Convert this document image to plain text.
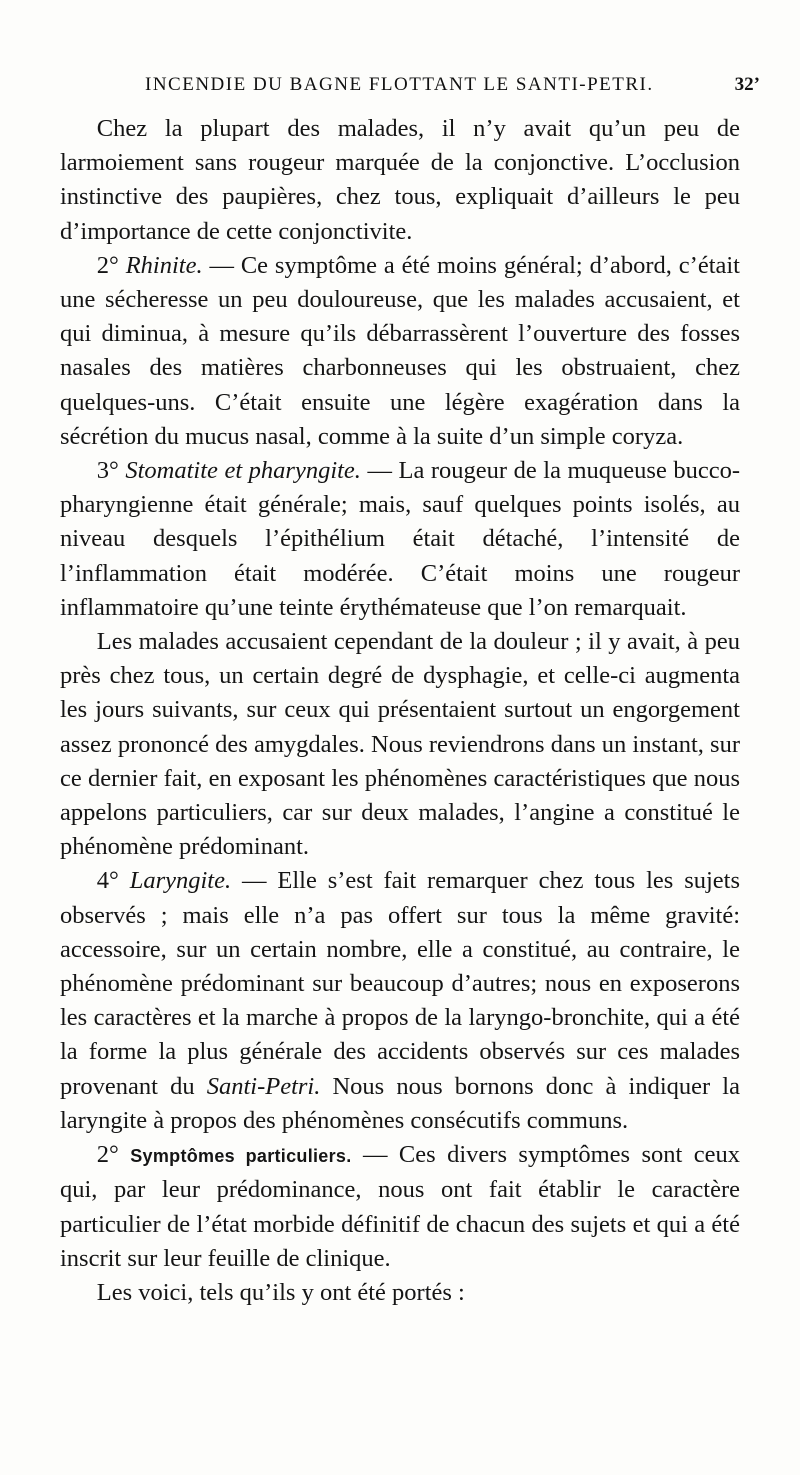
INCENDIE DU BAGNE FLOTTANT LE SANTI-PETRI.	32’

Chez la plupart des malades, il n’y avait qu’un peu de larmoiement sans rougeur marquée de la conjonctive. L’occlusion instinctive des paupières, chez tous, expliquait d’ailleurs le peu d’importance de cette conjonctivite.

2° Rhinite. — Ce symptôme a été moins général; d’abord, c’était une sécheresse un peu douloureuse, que les malades accusaient, et qui diminua, à mesure qu’ils débarrassèrent l’ouverture des fosses nasales des matières charbonneuses qui les obstruaient, chez quelques-uns. C’était ensuite une légère exagération dans la sécrétion du mucus nasal, comme à la suite d’un simple coryza.

3° Stomatite et pharyngite. — La rougeur de la muqueuse bucco-pharyngienne était générale; mais, sauf quelques points isolés, au niveau desquels l’épithélium était détaché, l’intensité de l’inflammation était modérée. C’était moins une rougeur inflammatoire qu’une teinte érythémateuse que l’on remarquait.

Les malades accusaient cependant de la douleur ; il y avait, à peu près chez tous, un certain degré de dysphagie, et celle-ci augmenta les jours suivants, sur ceux qui présentaient surtout un engorgement assez prononcé des amygdales. Nous reviendrons dans un instant, sur ce dernier fait, en exposant les phénomènes caractéristiques que nous appelons particuliers, car sur deux malades, l’angine a constitué le phénomène prédominant.

4° Laryngite. — Elle s’est fait remarquer chez tous les sujets observés ; mais elle n’a pas offert sur tous la même gravité: accessoire, sur un certain nombre, elle a constitué, au contraire, le phénomène prédominant sur beaucoup d’autres; nous en exposerons les caractères et la marche à propos de la laryngo-bronchite, qui a été la forme la plus générale des accidents observés sur ces malades provenant du Santi-Petri. Nous nous bornons donc à indiquer la laryngite à propos des phénomènes consécutifs communs.

2° Symptômes particuliers. — Ces divers symptômes sont ceux qui, par leur prédominance, nous ont fait établir le caractère particulier de l’état morbide définitif de chacun des sujets et qui a été inscrit sur leur feuille de clinique.

Les voici, tels qu’ils y ont été portés :
